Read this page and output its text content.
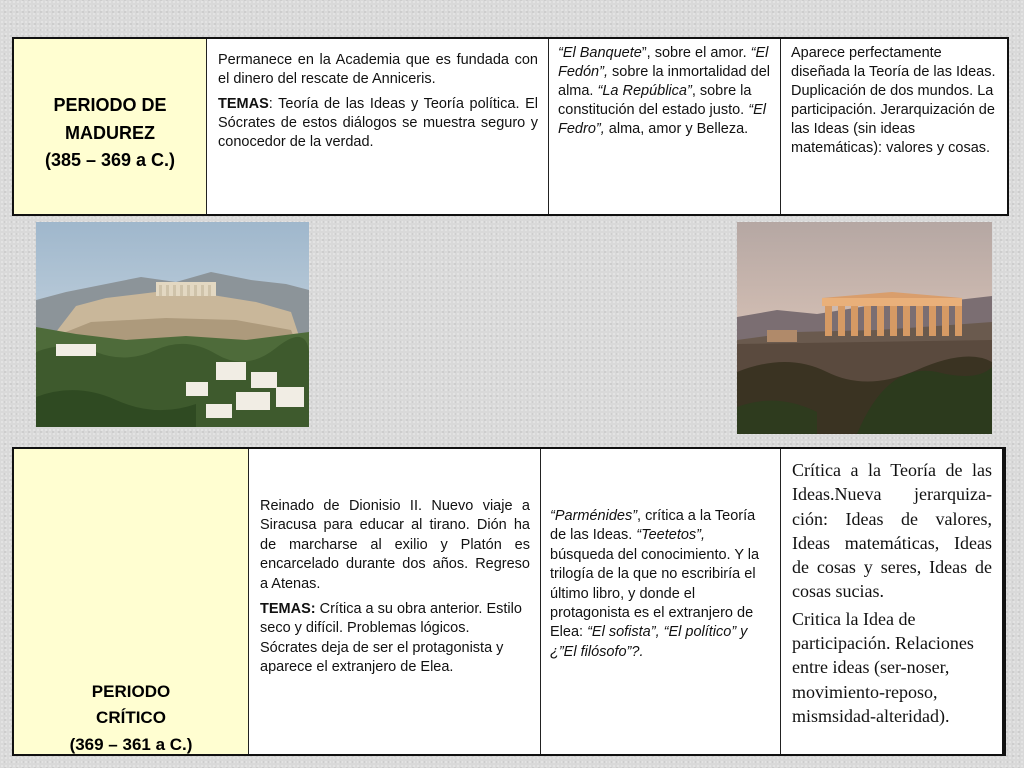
PERIODO DE
MADUREZ
(385 – 369 a C.)

Permanece en la Academia que es fundada con el dinero del rescate de Anniceris.

TEMAS: Teoría de las Ideas y Teoría política. El Sócrates de estos diálogos se muestra seguro y conocedor de la verdad.

“El Banquete”, sobre el amor. “El Fedón”, sobre la inmortalidad del alma. “La República”, sobre la constitución del estado justo. “El Fedro”, alma, amor y Belleza.

Aparece perfectamente diseñada la Teoría de las Ideas. Duplicación de dos mundos. La participación. Jerarquización de las Ideas (sin ideas matemáticas): valores y cosas.

PERIODO
CRÍTICO
(369 – 361 a C.)

Reinado de Dionisio II. Nuevo viaje a Siracusa para educar al tirano. Dión ha de marcharse al exilio y Platón es encarcelado durante dos años. Regreso a Atenas.

TEMAS: Crítica a su obra anterior. Estilo seco y difícil. Problemas lógicos. Sócrates deja de ser el protagonista y aparece el extranjero de Elea.

“Parménides”, crítica a la Teoría de las Ideas. “Teetetos”, búsqueda del conocimiento. Y la trilogía de la que no escribiría el último libro, y donde el protagonista es el extranjero de Elea: “El sofista”, “El político” y ¿”El filósofo”?.

Crítica a la Teoría de las Ideas.Nueva jerarquiza-ción: Ideas de valores, Ideas matemáticas, Ideas de cosas y seres, Ideas de cosas sucias.

Critica la Idea de participación. Relaciones entre ideas (ser-noser, movimiento-reposo, mismsidad-alteridad).
